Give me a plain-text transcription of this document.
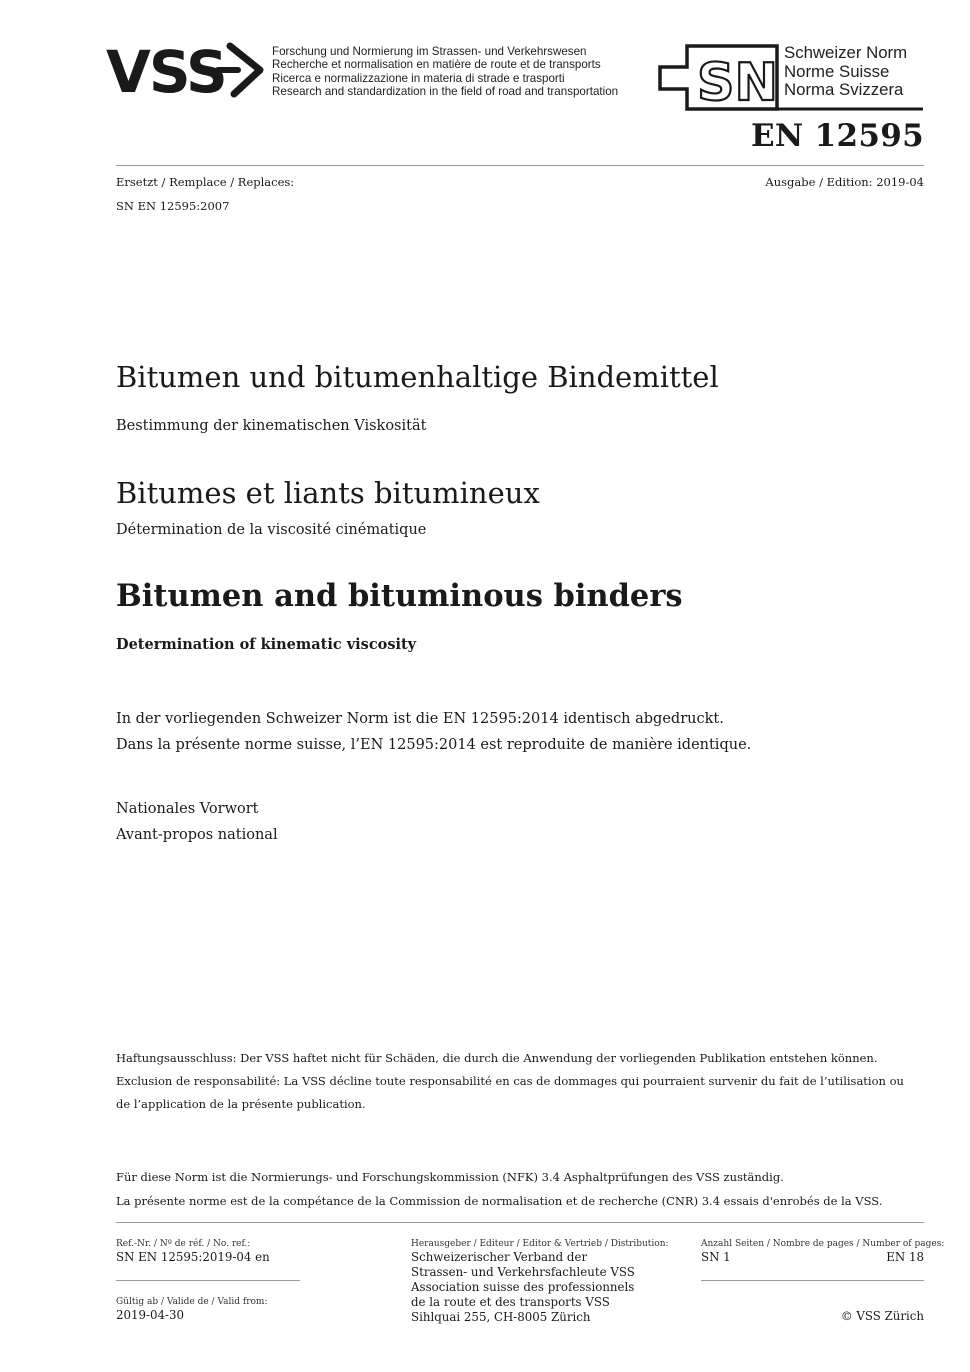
VSS	Forschung und Normierung im Strassen- und Verkehrswesen
Recherche et normalisation en matière de route et de transports
Ricerca e normalizzazione in materia di strade e trasporti
Research and standardization in the field of road and transportation SN
Schweizer Norm
Norme Suisse
Norma Svizzera
EN 12595
Ersetzt / Remplace / Replaces:
SN EN 12595:2007
Ausgabe / Edition: 2019-04
Bitumen und bitumenhaltige Bindemittel
Bestimmung der kinematischen Viskosität
Bitumes et liants bitumineux
Détermination de la viscosité cinématique
Bitumen and bituminous binders
Determination of kinematic viscosity
In der vorliegenden Schweizer Norm ist die EN 12595:2014 identisch abgedruckt.
Dans la présente norme suisse, l’EN 12595:2014 est reproduite de manière identique.
Nationales Vorwort
Avant-propos national
Haftungsausschluss: Der VSS haftet nicht für Schäden, die durch die Anwendung der vorliegenden Publikation entstehen können.
Exclusion de responsabilité: La VSS décline toute responsabilité en cas de dommages qui pourraient survenir du fait de l’utilisation ou
de l’application de la présente publication.
Für diese Norm ist die Normierungs- und Forschungskommission (NFK) 3.4 Asphaltprüfungen des VSS zuständig.
La présente norme est de la compétance de la Commission de normalisation et de recherche (CNR) 3.4 essais d'enrobés de la VSS.
Ref.-Nr. / Nº de réf. / No. ref.:
SN EN 12595:2019-04 en
Gültig ab / Valide de / Valid from:
2019-04-30
Herausgeber / Editeur / Editor & Vertrieb / Distribution:
Schweizerischer Verband der
Strassen- und Verkehrsfachleute VSS
Association suisse des professionnels
de la route et des transports VSS
Sihlquai 255, CH-8005 Zürich
Anzahl Seiten / Nombre de pages / Number of pages:
SN 1	EN 18
© VSS Zürich
